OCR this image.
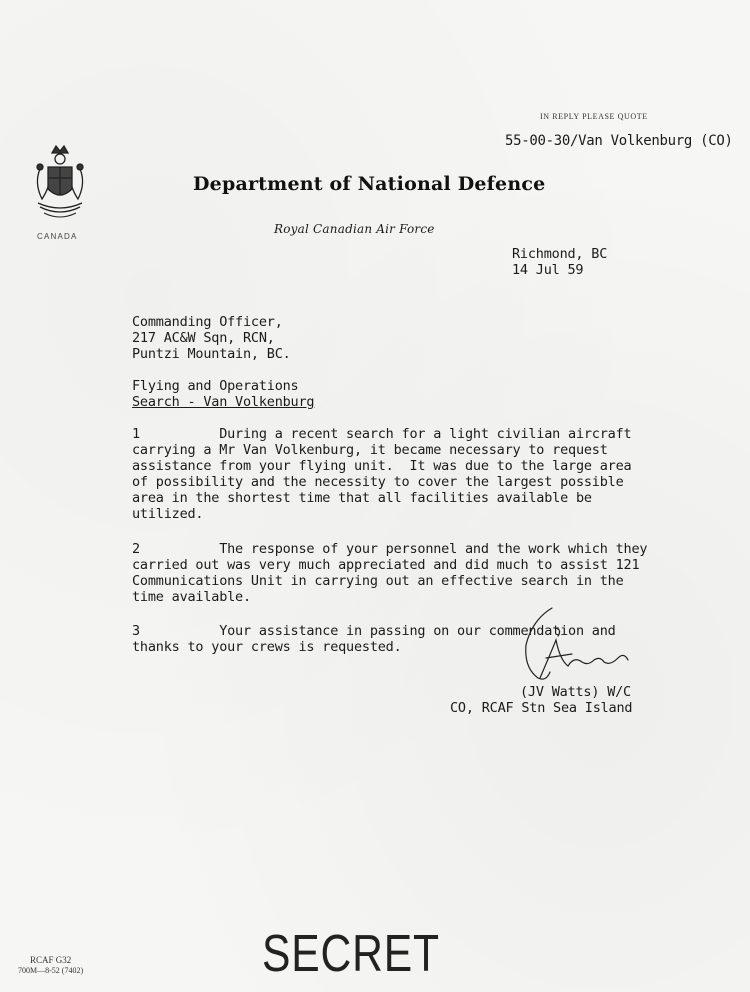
IN REPLY PLEASE QUOTE
55-00-30/Van Volkenburg (CO)
CANADA
Department of National Defence
Royal Canadian Air Force
Richmond, BC
14 Jul 59
Commanding Officer,
217 AC&W Sqn, RCN,
Puntzi Mountain, BC.
Flying and Operations
Search - Van Volkenburg
1          During a recent search for a light civilian aircraft
carrying a Mr Van Volkenburg, it became necessary to request
assistance from your flying unit.  It was due to the large area
of possibility and the necessity to cover the largest possible
area in the shortest time that all facilities available be
utilized.
2          The response of your personnel and the work which they
carried out was very much appreciated and did much to assist 121
Communications Unit in carrying out an effective search in the
time available.
3          Your assistance in passing on our commendation and
thanks to your crews is requested.
(JV Watts) W/C
CO, RCAF Stn Sea Island
SECRET
RCAF G32
700M—8-52 (7402)
